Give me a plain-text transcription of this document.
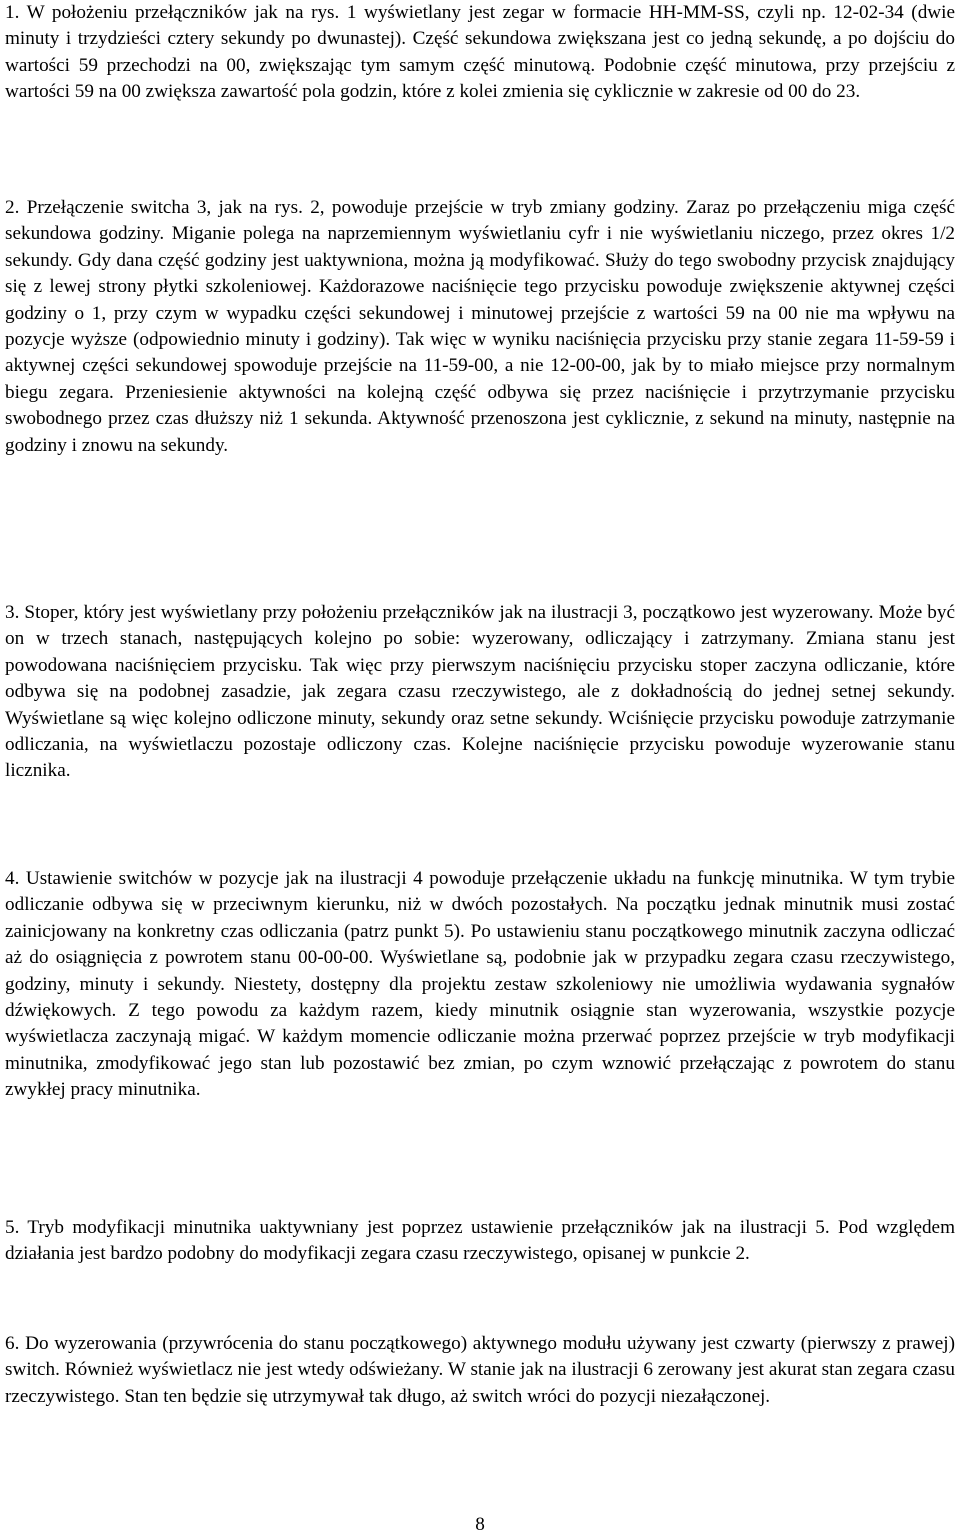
1. W położeniu przełączników jak na rys. 1 wyświetlany jest zegar w formacie HH-MM-SS, czyli np. 12-02-34 (dwie minuty i trzydzieści cztery sekundy po dwunastej). Część sekundowa zwiększana jest co jedną sekundę, a po dojściu do wartości 59 przechodzi na 00, zwiększając tym samym część minutową. Podobnie część minutowa, przy przejściu z wartości 59 na 00 zwiększa zawartość pola godzin, które z kolei zmienia się cyklicznie w zakresie od 00 do 23.

2. Przełączenie switcha 3, jak na rys. 2, powoduje przejście w tryb zmiany godziny. Zaraz po przełączeniu miga część sekundowa godziny. Miganie polega na naprzemiennym wyświetlaniu cyfr i nie wyświetlaniu niczego, przez okres 1/2 sekundy. Gdy dana część godziny jest uaktywniona, można ją modyfikować. Służy do tego swobodny przycisk znajdujący się z lewej strony płytki szkoleniowej. Każdorazowe naciśnięcie tego przycisku powoduje zwiększenie aktywnej części godziny o 1, przy czym w wypadku części sekundowej i minutowej przejście z wartości 59 na 00 nie ma wpływu na pozycje wyższe (odpowiednio minuty i godziny). Tak więc w wyniku naciśnięcia przycisku przy stanie zegara 11-59-59 i aktywnej części sekundowej spowoduje przejście na 11-59-00, a nie 12-00-00, jak by to miało miejsce przy normalnym biegu zegara. Przeniesienie aktywności na kolejną część odbywa się przez naciśnięcie i przytrzymanie przycisku swobodnego przez czas dłuższy niż 1 sekunda. Aktywność przenoszona jest cyklicznie, z sekund na minuty, następnie na godziny i znowu na sekundy.

3. Stoper, który jest wyświetlany przy położeniu przełączników jak na ilustracji 3, początkowo jest wyzerowany. Może być on w trzech stanach, następujących kolejno po sobie: wyzerowany, odliczający i zatrzymany. Zmiana stanu jest powodowana naciśnięciem przycisku. Tak więc przy pierwszym naciśnięciu przycisku stoper zaczyna odliczanie, które odbywa się na podobnej zasadzie, jak zegara czasu rzeczywistego, ale z dokładnością do jednej setnej sekundy. Wyświetlane są więc kolejno odliczone minuty, sekundy oraz setne sekundy. Wciśnięcie przycisku powoduje zatrzymanie odliczania, na wyświetlaczu pozostaje odliczony czas. Kolejne naciśnięcie przycisku powoduje wyzerowanie stanu licznika.

4. Ustawienie switchów w pozycje jak na ilustracji 4 powoduje przełączenie układu na funkcję minutnika. W tym trybie odliczanie odbywa się w przeciwnym kierunku, niż w dwóch pozostałych. Na początku jednak minutnik musi zostać zainicjowany na konkretny czas odliczania (patrz punkt 5). Po ustawieniu stanu początkowego minutnik zaczyna odliczać aż do osiągnięcia z powrotem stanu 00-00-00. Wyświetlane są, podobnie jak w przypadku zegara czasu rzeczywistego, godziny, minuty i sekundy. Niestety, dostępny dla projektu zestaw szkoleniowy nie umożliwia wydawania sygnałów dźwiękowych. Z tego powodu za każdym razem, kiedy minutnik osiągnie stan wyzerowania, wszystkie pozycje wyświetlacza zaczynają migać. W każdym momencie odliczanie można przerwać poprzez przejście w tryb modyfikacji minutnika, zmodyfikować jego stan lub pozostawić bez zmian, po czym wznowić przełączając z powrotem do stanu zwykłej pracy minutnika.

5. Tryb modyfikacji minutnika uaktywniany jest poprzez ustawienie przełączników jak na ilustracji 5. Pod względem działania jest bardzo podobny do modyfikacji zegara czasu rzeczywistego, opisanej w punkcie 2.

6. Do wyzerowania (przywrócenia do stanu początkowego) aktywnego modułu używany jest czwarty (pierwszy z prawej) switch. Również wyświetlacz nie jest wtedy odświeżany. W stanie jak na ilustracji 6 zerowany jest akurat stan zegara czasu rzeczywistego. Stan ten będzie się utrzymywał tak długo, aż switch wróci do pozycji niezałączonej.

8
